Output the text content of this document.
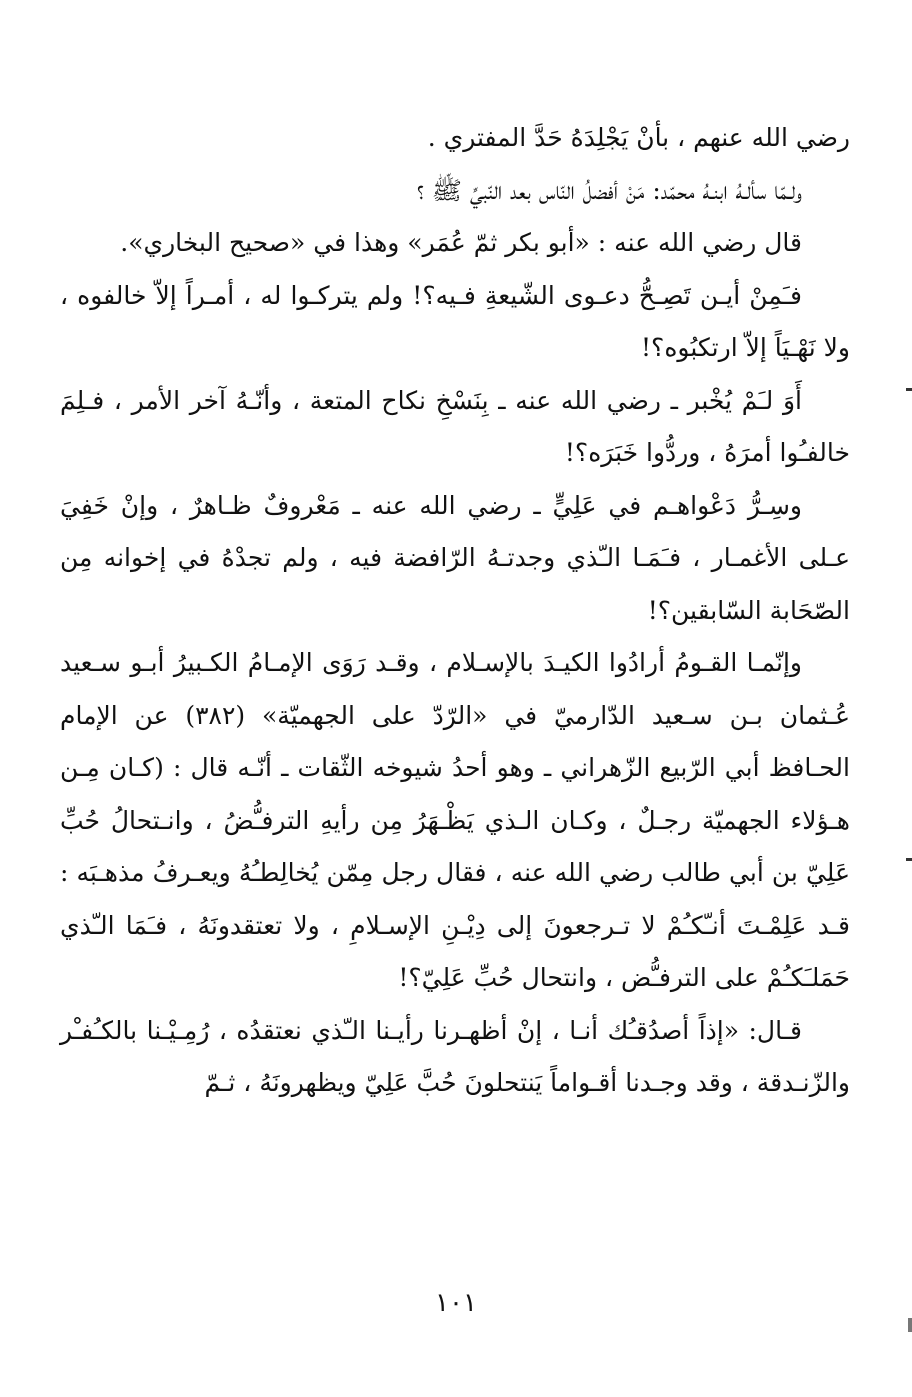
رضي الله عنهم ، بأنْ يَجْلِدَهُ حَدَّ المفتري .

ولـمّا سألـهُ ابنـهُ محمّد: مَنْ أفضلُ النّاس بعد النّبيِّ ﷺ ؟

قال رضي الله عنه : «أبو بكر ثمّ عُمَر» وهذا في «صحيح البخاري».

فـَمِنْ أيـن تَصِـحُّ دعـوى الشّيعةِ فـيه؟! ولم يتركـوا له ، أمـراً إلاّ خالفوه ، ولا نَهْـيَاً إلاّ ارتكبُوه؟!

أَوَ لـَمْ يُخْبر ـ رضي الله عنه ـ بِنَسْخِ نكاح المتعة ، وأنّـهُ آخر الأمر ، فـلِمَ خالفـُوا أمرَهُ ، وردُّوا خَبَرَه؟!

وسِـرُّ دَعْواهـم في عَلِيٍّ ـ رضي الله عنه ـ مَعْروفٌ ظـاهرٌ ، وإنْ خَفِيَ عـلى الأغمـار ، فـَمَـا الـّذي وجدتـهُ الرّافضة فيه ، ولم تجدْهُ في إخوانه مِن الصّحَابة السّابقين؟!

وإنّمـا القـومُ أرادُوا الكيـدَ بالإسـلام ، وقـد رَوَى الإمـامُ الكـبيرُ أبـو سـعيد عُـثمان بـن سـعيد الدّارميّ في «الرّدّ على الجهميّة» (٣٨٢) عن الإمام الحـافظ أبي الرّبيع الزّهراني ـ وهو أحدُ شيوخه الثّقات ـ أنّـه قال : (كـان مِـن هـؤلاء الجهميّة رجـلٌ ، وكـان الـذي يَظْـهَرُ مِن رأيهِ الترفـُّضُ ، وانـتحالُ حُبِّ عَلِيّ بن أبي طالب رضي الله عنه ، فقال رجل مِمّن يُخالِطـُهُ ويعـرفُ مذهـبَه : قـد عَلِمْـتَ أنـّكـُمْ لا تـرجعونَ إلى دِيْـنِ الإسـلامِ ، ولا تعتقدونَهُ ، فـَمَا الـّذي حَمَلـَكـُمْ على الترفـُّض ، وانتحال حُبِّ عَلِيّ؟!

قـال: «إذاً أصدُقـُك أنـا ، إنْ أظهـرنا رأيـنا الـّذي نعتقدُه ، رُمِـيْـنا بالكـُفـْر والزّنـدقة ، وقد وجـدنا أقـواماً يَنتحلونَ حُبَّ عَلِيّ ويظهرونَهُ ، ثـمّ

١٠١
